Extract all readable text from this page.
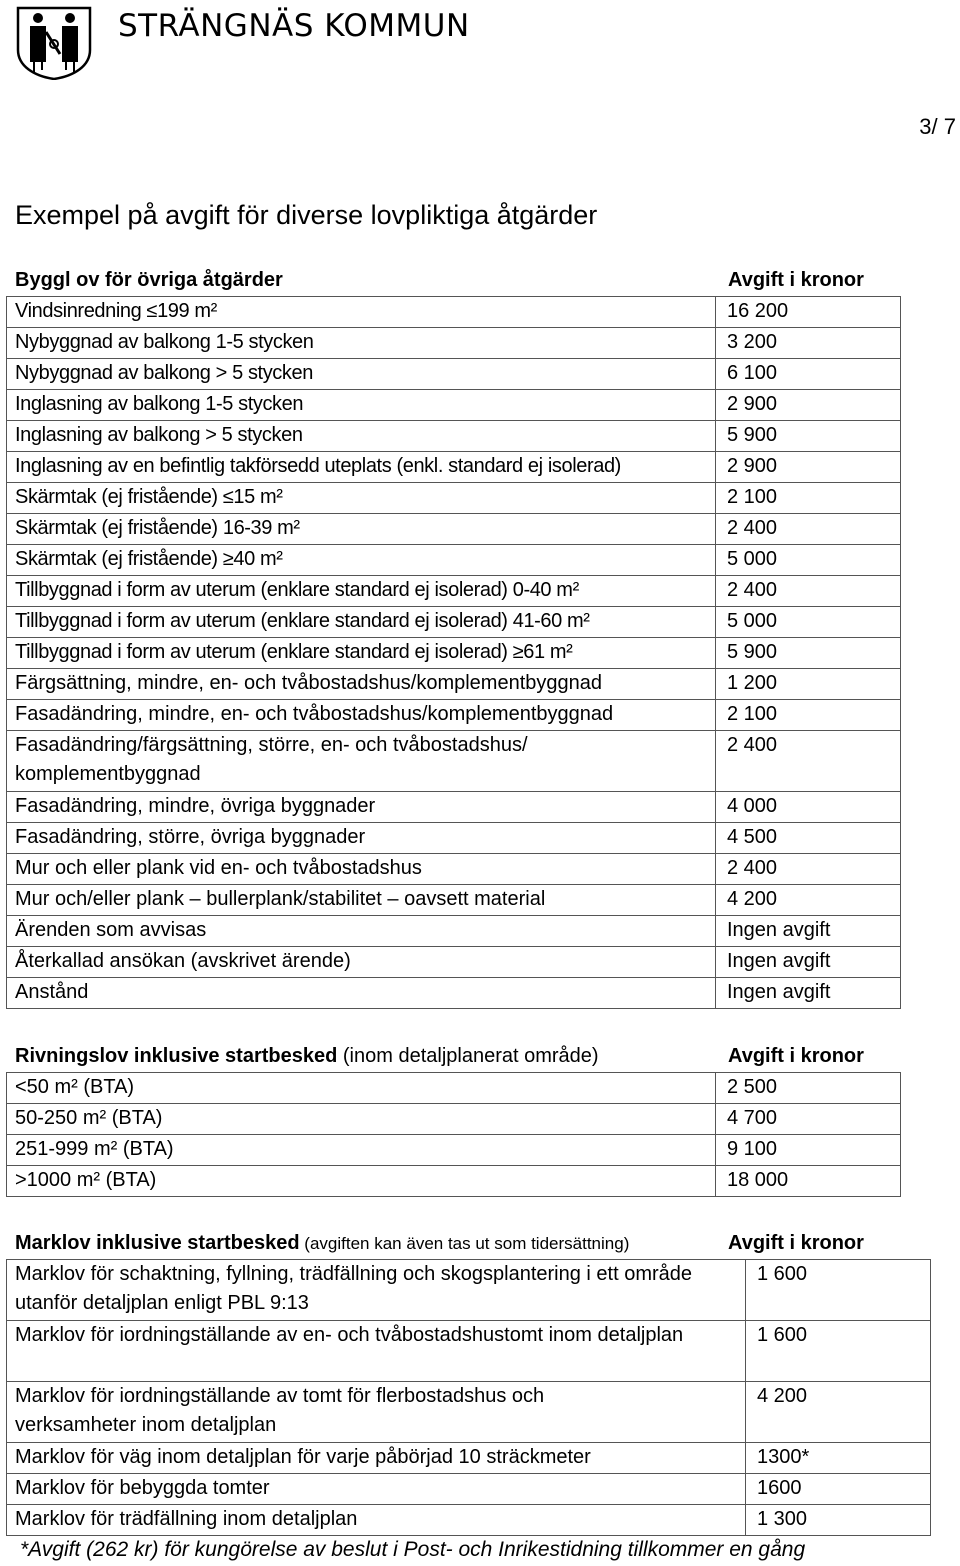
STRÄNGNÄS KOMMUN
3/ 7
Exempel på avgift för diverse lovpliktiga åtgärder
Byggl ov för övriga åtgärder	Avgift i kronor
Vindsinredning ≤199 m²	16 200
Nybyggnad av balkong 1-5 stycken	3 200
Nybyggnad av balkong > 5 stycken	6 100
Inglasning av balkong 1-5 stycken	2 900
Inglasning av balkong > 5 stycken	5 900
Inglasning av en befintlig takförsedd uteplats (enkl. standard ej isolerad)	2 900
Skärmtak (ej fristående) ≤15 m²	2 100
Skärmtak (ej fristående) 16-39 m²	2 400
Skärmtak (ej fristående) ≥40 m²	5 000
Tillbyggnad i form av uterum (enklare standard ej isolerad) 0-40 m²	2 400
Tillbyggnad i form av uterum (enklare standard ej isolerad) 41-60 m²	5 000
Tillbyggnad i form av uterum (enklare standard ej isolerad) ≥61 m²	5 900
Färgsättning, mindre, en- och tvåbostadshus/komplementbyggnad	1 200
Fasadändring, mindre, en- och tvåbostadshus/komplementbyggnad	2 100
Fasadändring/färgsättning, större, en- och tvåbostadshus/ komplementbyggnad	2 400
Fasadändring, mindre, övriga byggnader	4 000
Fasadändring, större, övriga byggnader	4 500
Mur och eller plank vid en- och tvåbostadshus	2 400
Mur och/eller plank – bullerplank/stabilitet – oavsett material	4 200
Ärenden som avvisas	Ingen avgift
Återkallad ansökan (avskrivet ärende)	Ingen avgift
Anstånd	Ingen avgift
Rivningslov inklusive startbesked (inom detaljplanerat område)	Avgift i kronor
<50 m² (BTA)	2 500
50-250 m² (BTA)	4 700
251-999 m² (BTA)	9 100
>1000 m² (BTA)	18 000
Marklov inklusive startbesked (avgiften kan även tas ut som tidersättning)	Avgift i kronor
Marklov för schaktning, fyllning, trädfällning och skogsplantering i ett område utanför detaljplan enligt PBL 9:13	1 600
Marklov för iordningställande av en- och tvåbostadshustomt inom detaljplan	1 600
Marklov för iordningställande av tomt för flerbostadshus och verksamheter inom detaljplan	4 200
Marklov för väg inom detaljplan för varje påbörjad 10 sträckmeter	1300*
Marklov för bebyggda tomter	1600
Marklov för trädfällning inom detaljplan	1 300
*Avgift (262 kr) för kungörelse av beslut i Post- och Inrikestidning tillkommer en gång
